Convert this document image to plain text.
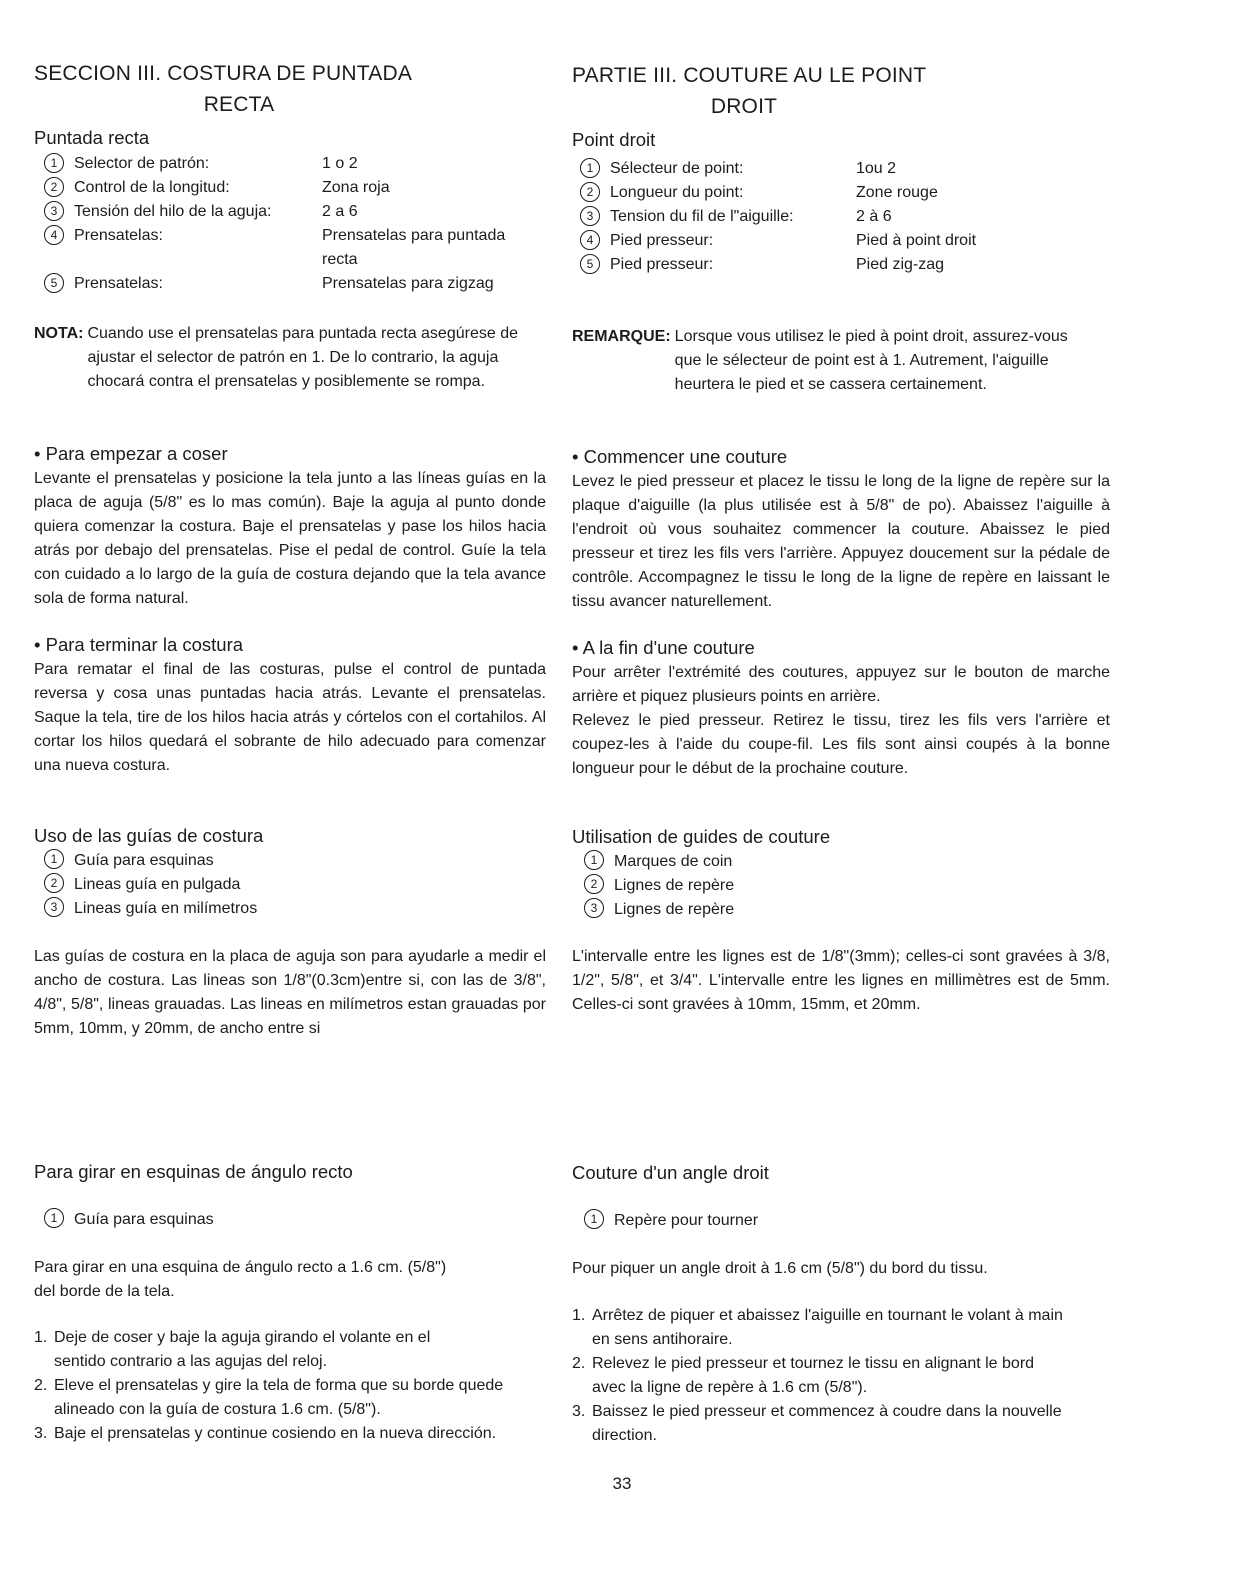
SECCION III. COSTURA DE PUNTADA
RECTA
Puntada recta
1 Selector de patrón:	1 o 2
2 Control de la longitud:	Zona roja
3 Tensión del hilo de la aguja:	2 a 6
4 Prensatelas:	Prensatelas para puntada recta
5 Prensatelas:	Prensatelas para zigzag
NOTA: Cuando use el prensatelas para puntada recta asegúrese de ajustar el selector de patrón en 1. De lo contrario, la aguja chocará contra el prensatelas y posiblemente se rompa.
• Para empezar a coser
Levante el prensatelas y posicione la tela junto a las líneas guías en la placa de aguja (5/8" es lo mas común). Baje la aguja al punto donde quiera comenzar la costura. Baje el prensatelas y pase los hilos hacia atrás por debajo del prensatelas. Pise el pedal de control. Guíe la tela con cuidado a lo largo de la guía de costura dejando que la tela avance sola de forma natural.
• Para terminar la costura
Para rematar el final de las costuras, pulse el control de puntada reversa y cosa unas puntadas hacia atrás. Levante el prensatelas. Saque la tela, tire de los hilos hacia atrás y córtelos con el cortahilos. Al cortar los hilos quedará el sobrante de hilo adecuado para comenzar una nueva costura.
Uso de las guías de costura
1	Guía para esquinas
2	Lineas guía en pulgada
3	Lineas guía en milímetros
Las guías de costura en la placa de aguja son para ayudarle a medir el ancho de costura. Las lineas son 1/8"(0.3cm)entre si, con las de 3/8", 4/8", 5/8", lineas grauadas. Las lineas en milímetros estan grauadas por 5mm, 10mm, y 20mm, de ancho entre si
Para girar en esquinas de ángulo recto
1	Guía para esquinas
Para girar en una esquina de ángulo recto a 1.6 cm. (5/8") del borde de la tela.
1. Deje de coser y baje la aguja girando el volante en el sentido contrario a las agujas del reloj.
2. Eleve el prensatelas y gire la tela de forma que su borde quede alineado con la guía de costura 1.6 cm. (5/8").
3. Baje el prensatelas y continue cosiendo en la nueva dirección.
PARTIE III. COUTURE AU LE POINT
DROIT
Point droit
1 Sélecteur de point:	1ou 2
2 Longueur du point:	Zone rouge
3 Tension du fil de l"aiguille:	2 à 6
4 Pied presseur:	Pied à point droit
5 Pied presseur:	Pied zig-zag
REMARQUE: Lorsque vous utilisez le pied à point droit, assurez-vous que le sélecteur de point est à 1. Autrement, l'aiguille heurtera le pied et se cassera certainement.
• Commencer une couture
Levez le pied presseur et placez le tissu le long de la ligne de repère sur la plaque d'aiguille (la plus utilisée est à 5/8" de po). Abaissez l'aiguille à l'endroit où vous souhaitez commencer la couture. Abaissez le pied presseur et tirez les fils vers l'arrière. Appuyez doucement sur la pédale de contrôle. Accompagnez le tissu le long de la ligne de repère en laissant le tissu avancer naturellement.
• A la fin d'une couture
Pour arrêter l'extrémité des coutures, appuyez sur le bouton de marche arrière et piquez plusieurs points en arrière.
Relevez le pied presseur. Retirez le tissu, tirez les fils vers l'arrière et coupez-les à l'aide du coupe-fil. Les fils sont ainsi coupés à la bonne longueur pour le début de la prochaine couture.
Utilisation de guides de couture
1	Marques de coin
2	Lignes de repère
3	Lignes de repère
L'intervalle entre les lignes est de 1/8"(3mm); celles-ci sont gravées à 3/8, 1/2", 5/8", et 3/4". L'intervalle entre les lignes en millimètres est de 5mm. Celles-ci sont gravées à 10mm, 15mm, et 20mm.
Couture d'un angle droit
1	Repère pour tourner
Pour piquer un angle droit à 1.6 cm (5/8") du bord du tissu.
1. Arrêtez de piquer et abaissez l'aiguille en tournant le volant à main en sens antihoraire.
2. Relevez le pied presseur et tournez le tissu en alignant le bord avec la ligne de repère à 1.6 cm (5/8").
3. Baissez le pied presseur et commencez à coudre dans la nouvelle direction.
33
